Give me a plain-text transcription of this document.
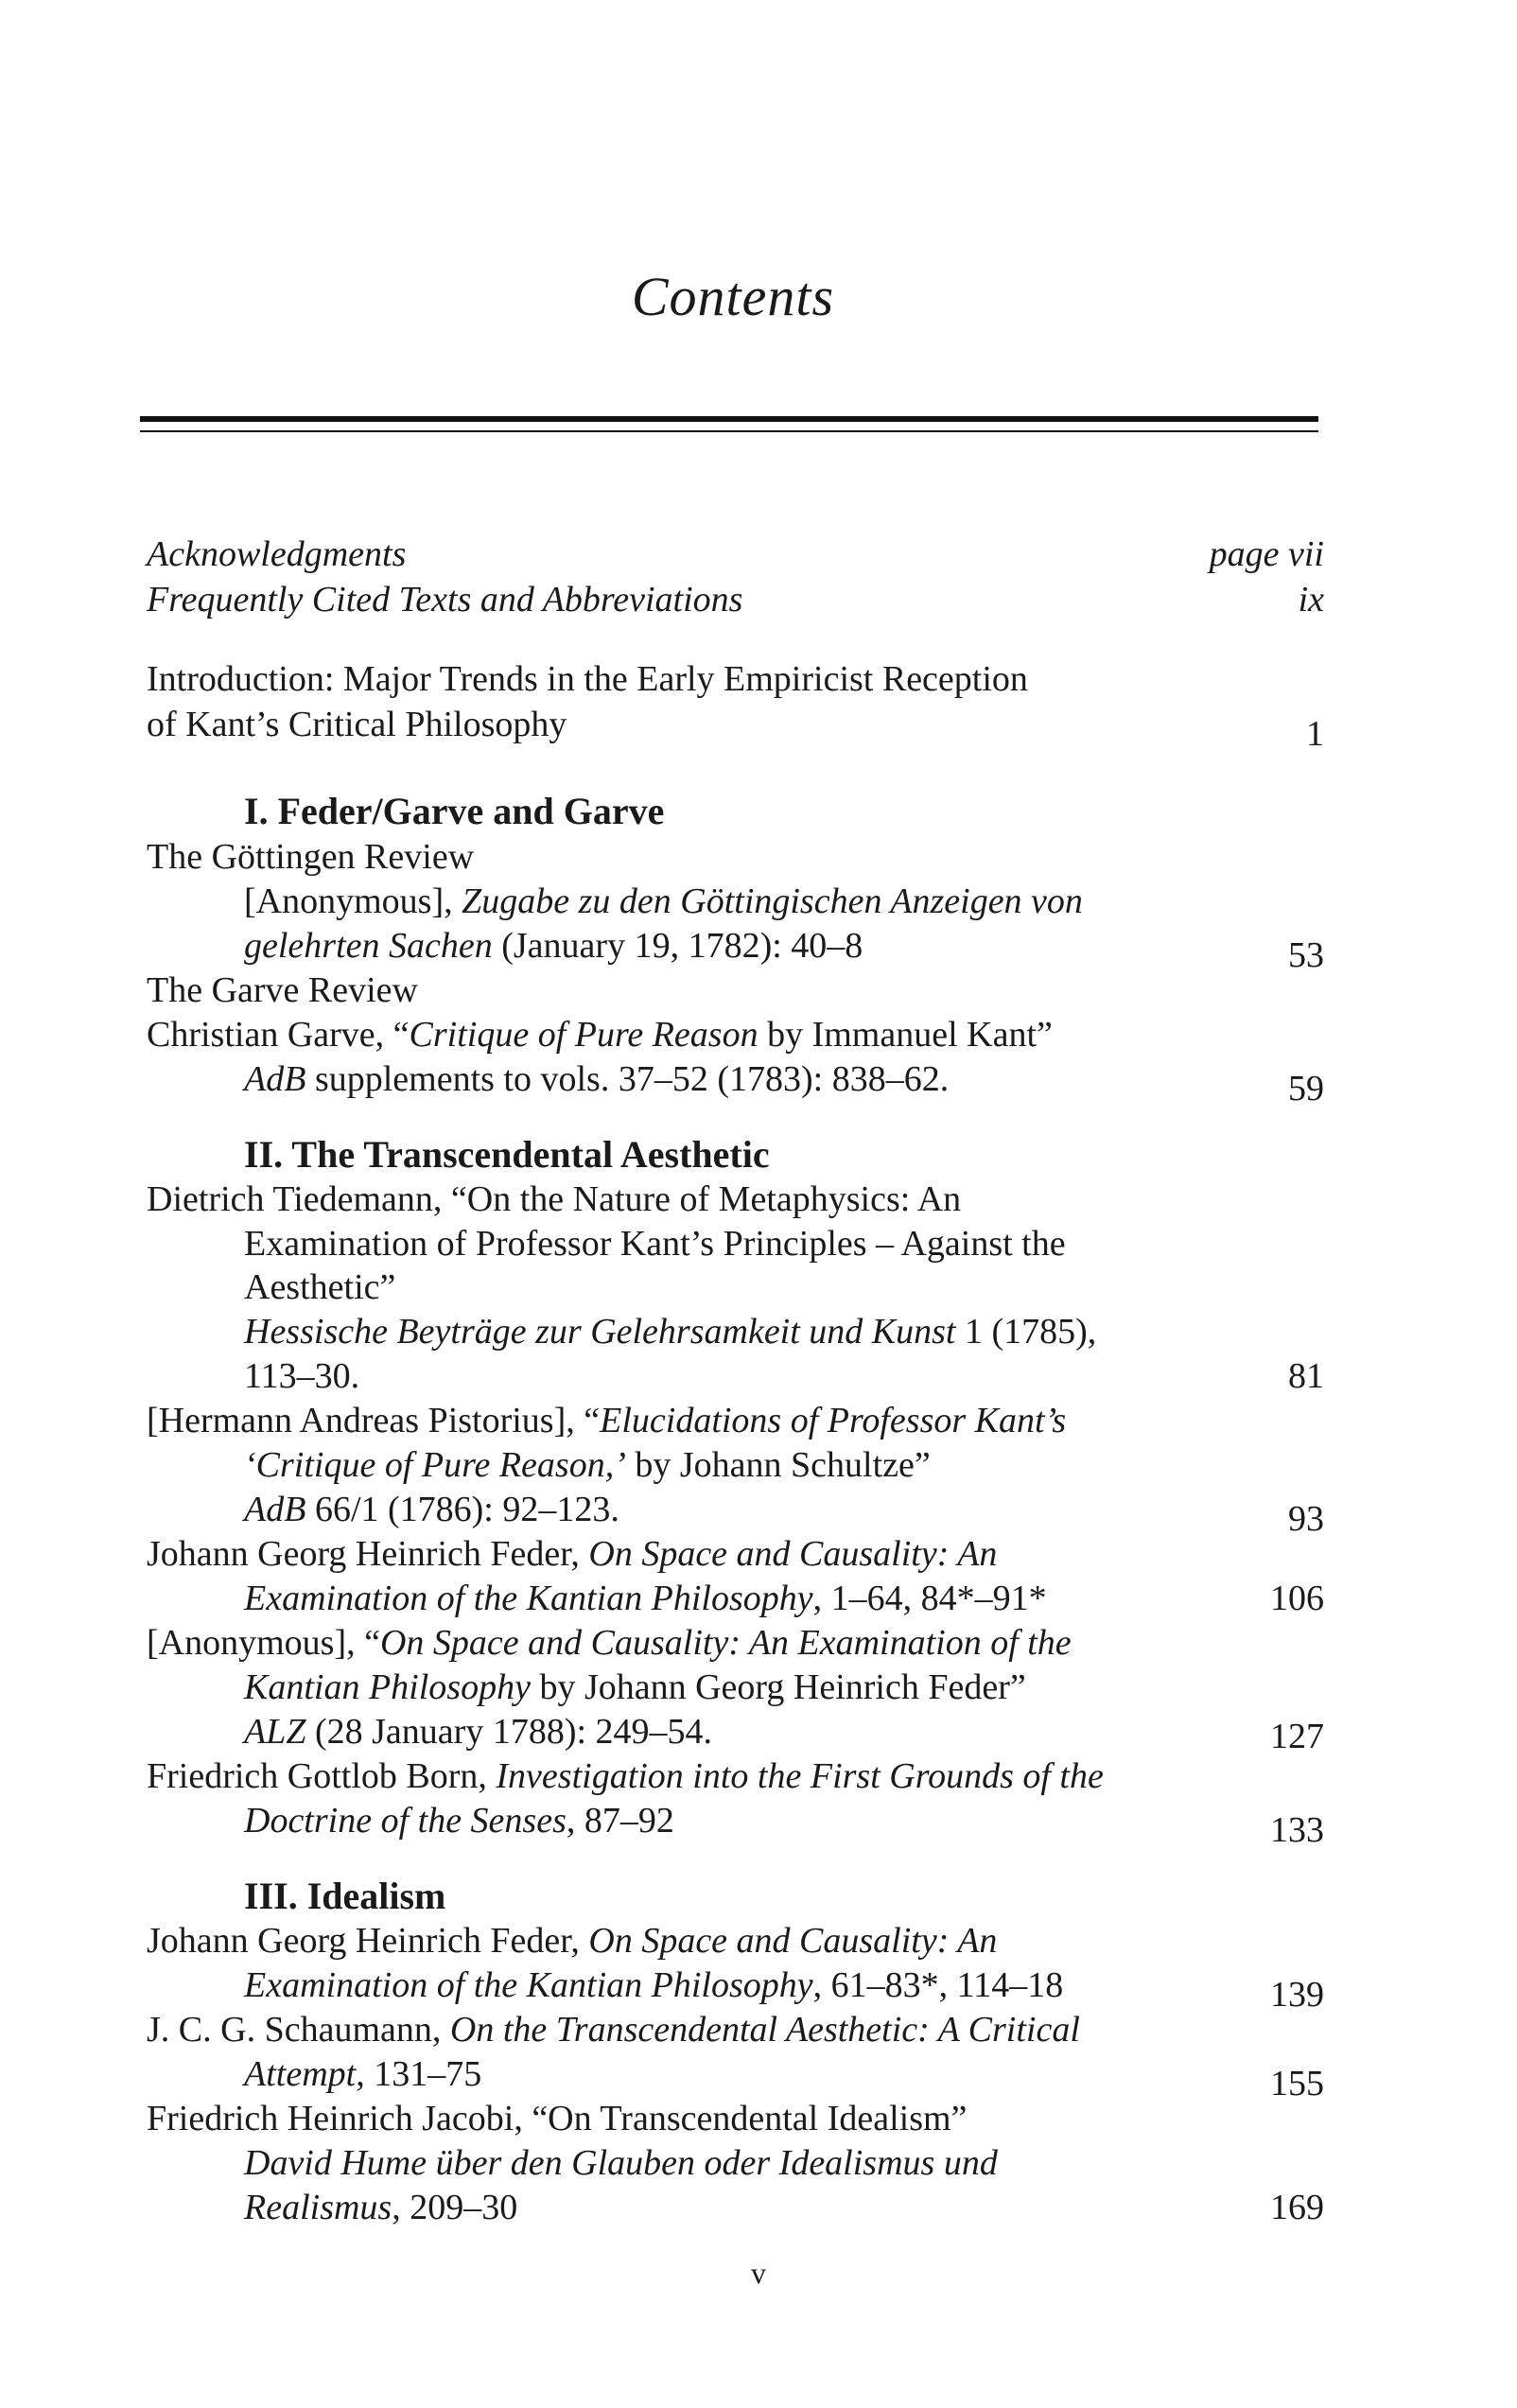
Contents
Acknowledgments	page vii
Frequently Cited Texts and Abbreviations	ix
Introduction: Major Trends in the Early Empiricist Reception
of Kant’s Critical Philosophy	1
I. Feder/Garve and Garve
The Göttingen Review
[Anonymous], Zugabe zu den Göttingischen Anzeigen von
gelehrten Sachen (January 19, 1782): 40–8	53
The Garve Review
Christian Garve, “Critique of Pure Reason by Immanuel Kant”
AdB supplements to vols. 37–52 (1783): 838–62.	59
II. The Transcendental Aesthetic
Dietrich Tiedemann, “On the Nature of Metaphysics: An
Examination of Professor Kant’s Principles – Against the
Aesthetic”
Hessische Beyträge zur Gelehrsamkeit und Kunst 1 (1785),
113–30.	81
[Hermann Andreas Pistorius], “Elucidations of Professor Kant’s
‘Critique of Pure Reason,’ by Johann Schultze”
AdB 66/1 (1786): 92–123.	93
Johann Georg Heinrich Feder, On Space and Causality: An
Examination of the Kantian Philosophy, 1–64, 84*–91*	106
[Anonymous], “On Space and Causality: An Examination of the
Kantian Philosophy by Johann Georg Heinrich Feder”
ALZ (28 January 1788): 249–54.	127
Friedrich Gottlob Born, Investigation into the First Grounds of the
Doctrine of the Senses, 87–92	133
III. Idealism
Johann Georg Heinrich Feder, On Space and Causality: An
Examination of the Kantian Philosophy, 61–83*, 114–18	139
J. C. G. Schaumann, On the Transcendental Aesthetic: A Critical
Attempt, 131–75	155
Friedrich Heinrich Jacobi, “On Transcendental Idealism”
David Hume über den Glauben oder Idealismus und
Realismus, 209–30	169
v
